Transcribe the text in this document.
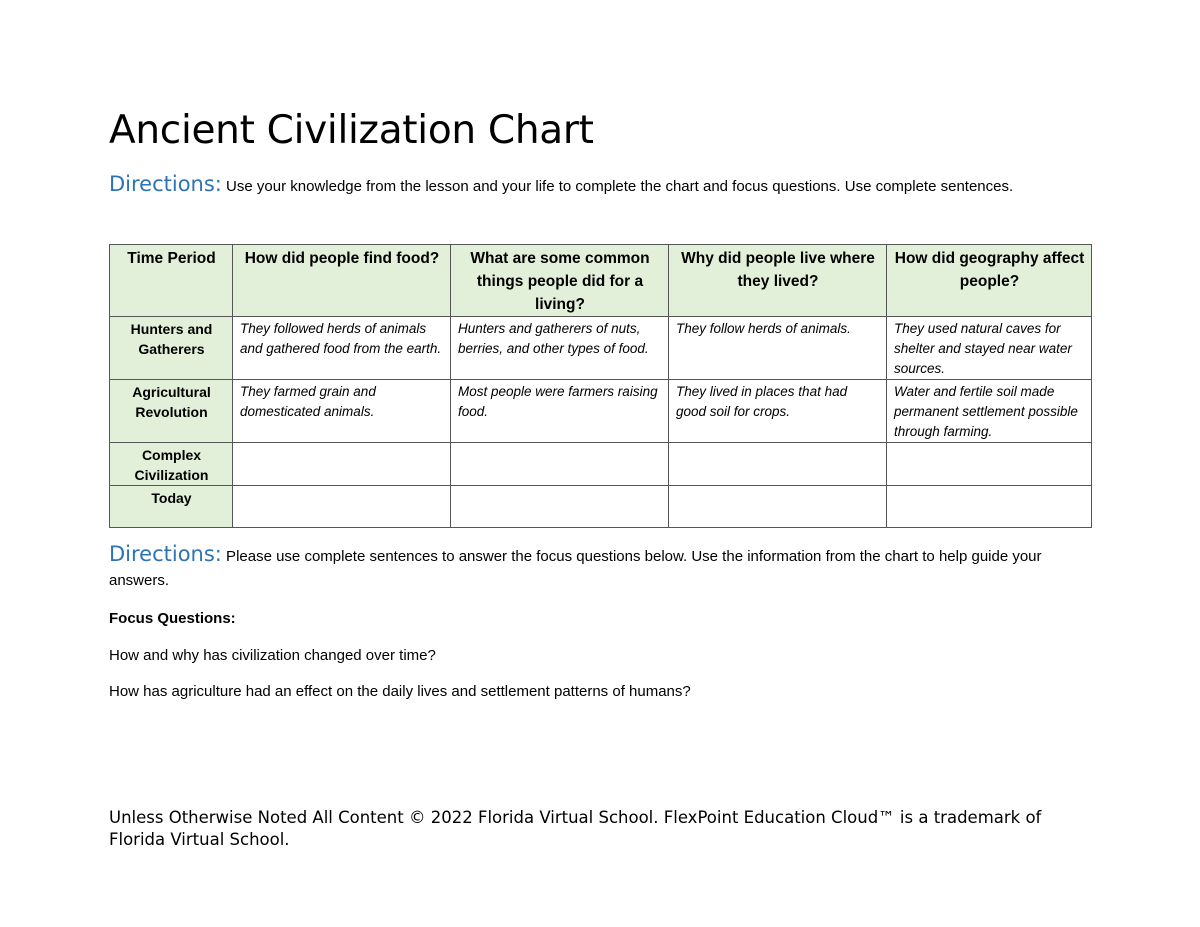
Ancient Civilization Chart

Directions: Use your knowledge from the lesson and your life to complete the chart and focus questions. Use complete sentences.

Time Period	How did people find food?	What are some common things people did for a living?	Why did people live where they lived?	How did geography affect people?
Hunters and Gatherers	They followed herds of animals and gathered food from the earth.	Hunters and gatherers of nuts, berries, and other types of food.	They follow herds of animals.	They used natural caves for shelter and stayed near water sources.
Agricultural Revolution	They farmed grain and domesticated animals.	Most people were farmers raising food.	They lived in places that had good soil for crops.	Water and fertile soil made permanent settlement possible through farming.
Complex Civilization				
Today				

Directions: Please use complete sentences to answer the focus questions below. Use the information from the chart to help guide your answers.

Focus Questions:

How and why has civilization changed over time?

How has agriculture had an effect on the daily lives and settlement patterns of humans?

Unless Otherwise Noted All Content © 2022 Florida Virtual School. FlexPoint Education Cloud™ is a trademark of Florida Virtual School.
